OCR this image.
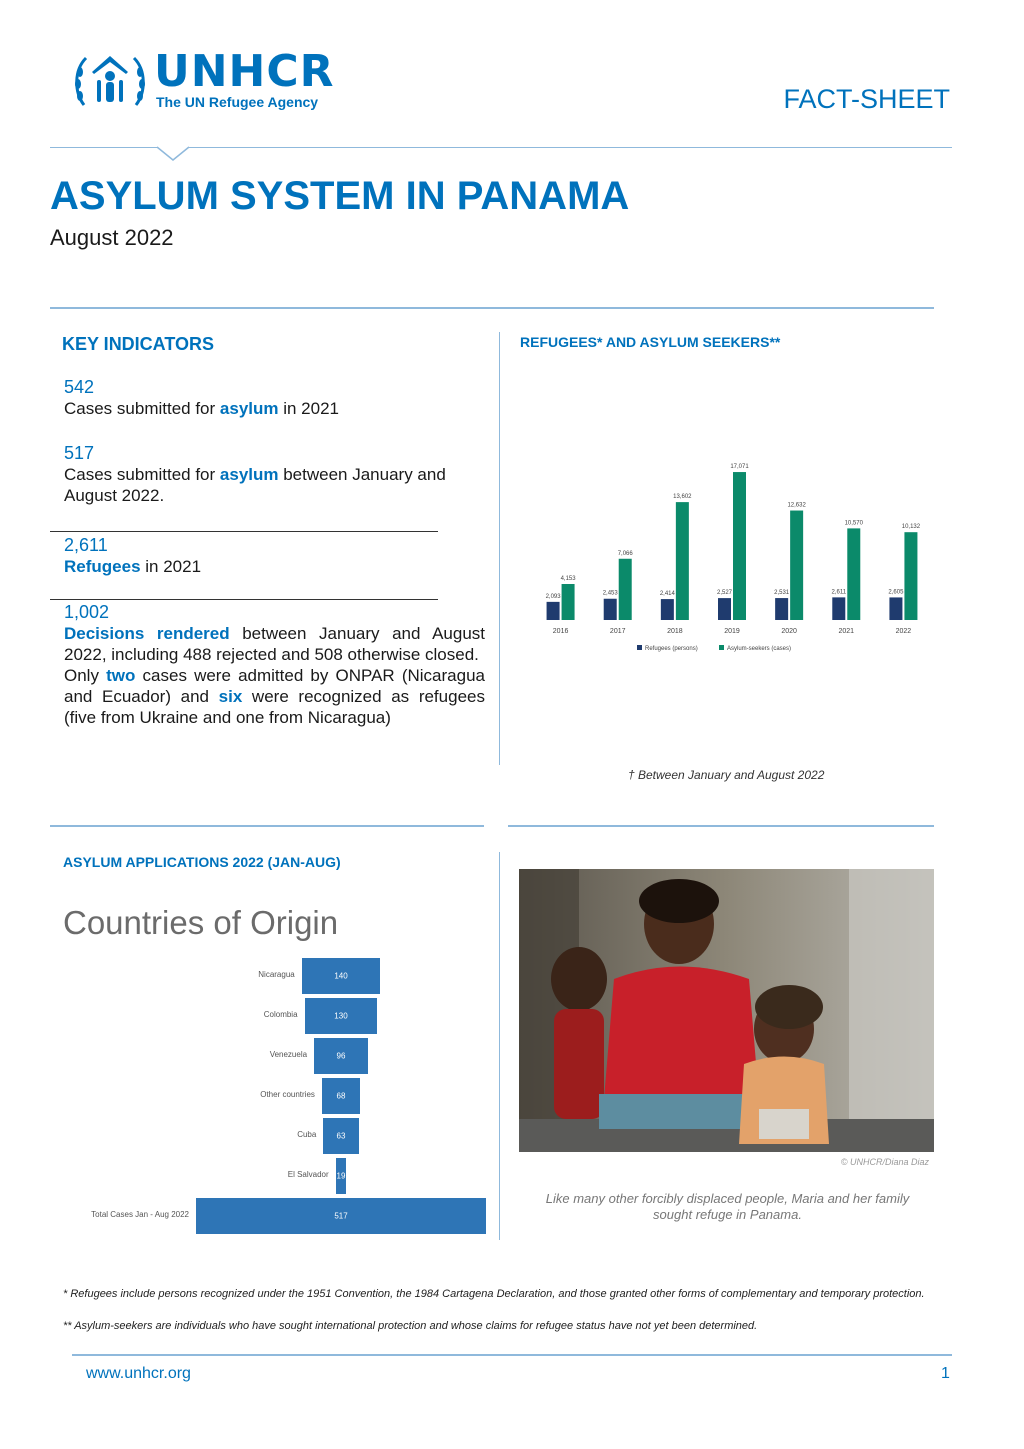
UNHCR
The UN Refugee Agency	FACT-SHEET
ASYLUM SYSTEM IN PANAMA
August 2022
KEY INDICATORS
542
Cases submitted for asylum in 2021
517
Cases submitted for asylum between January and August 2022.
2,611
Refugees in 2021
1,002
Decisions rendered between January and August 2022, including 488 rejected and 508 otherwise closed.
Only two cases were admitted by ONPAR (Nicaragua and Ecuador) and six were recognized as refugees (five from Ukraine and one from Nicaragua)
REFUGEES* AND ASYLUM SEEKERS**
2,093
4,153
2016
2,453
7,066
2017
2,414
13,602
2018
2,527
17,071
2019
2,531
12,632
2020
2,611
10,570
2021
2,605
10,132
2022
Refugees (persons)	Asylum-seekers (cases)
† Between January and August 2022
ASYLUM APPLICATIONS 2022 (JAN-AUG)
Countries of Origin
Nicaragua	140
Colombia	130
Venezuela	96
Other countries	68
Cuba	63
El Salvador 19
Total Cases Jan - Aug 2022	517
© UNHCR/Diana Diaz
Like many other forcibly displaced people, Maria and her family sought refuge in Panama.
* Refugees include persons recognized under the 1951 Convention, the 1984 Cartagena Declaration, and those granted other forms of complementary and temporary protection.
** Asylum-seekers are individuals who have sought international protection and whose claims for refugee status have not yet been determined.
www.unhcr.org	1
